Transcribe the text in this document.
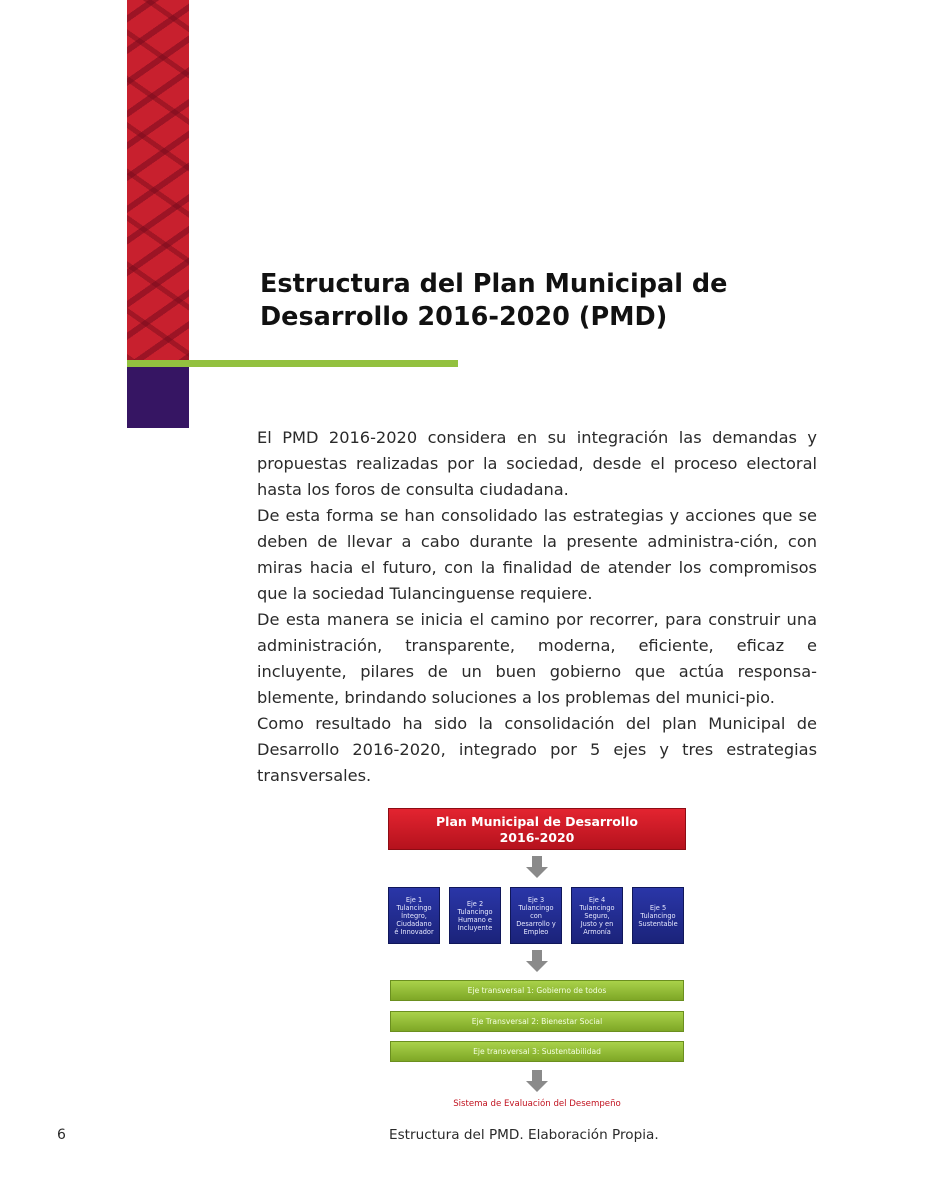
Estructura del Plan Municipal de
Desarrollo 2016-2020 (PMD)

El PMD 2016-2020 considera en su integración las demandas y propuestas realizadas por la sociedad, desde el proceso electoral hasta los foros de consulta ciudadana.

De esta forma se han consolidado las estrategias y acciones que se deben de llevar a cabo durante la presente administra-ción, con miras hacia el futuro, con la finalidad de atender los compromisos que la sociedad Tulancinguense requiere.

De esta manera se inicia el camino por recorrer, para construir una administración, transparente, moderna, eficiente, eficaz e incluyente, pilares de un buen gobierno que actúa responsa-blemente, brindando soluciones a los problemas del munici-pio.

Como resultado ha sido la consolidación del plan Municipal de Desarrollo 2016-2020, integrado por 5 ejes y tres estrategias transversales.

Plan Municipal de Desarrollo
2016-2020
Eje 1
Tulancingo
Íntegro,
Ciudadano
é Innovador
Eje 2
Tulancingo
Humano e
Incluyente
Eje 3
Tulancingo
con
Desarrollo y
Empleo
Eje 4
Tulancingo
Seguro,
Justo y en
Armonía
Eje 5
Tulancingo
Sustentable
Eje transversal 1: Gobierno de todos
Eje Transversal 2: Bienestar Social
Eje transversal 3: Sustentabilidad
Sistema de Evaluación del Desempeño
6	Estructura del PMD. Elaboración Propia.
